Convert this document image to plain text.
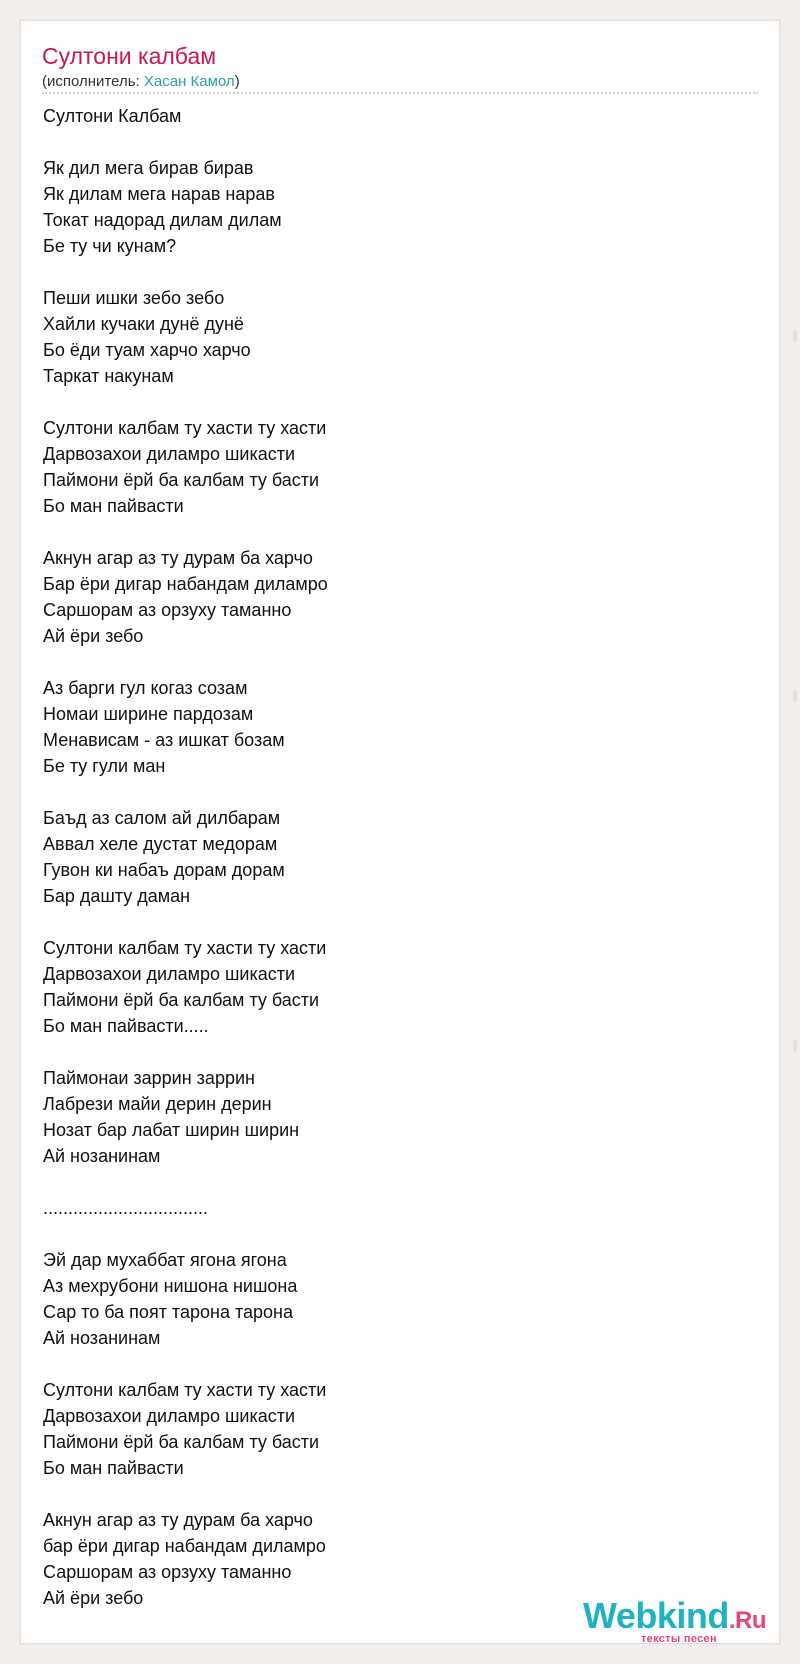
Султони калбам
(исполнитель: Хасан Камол)
Султони Калбам
Як дил мега бирав бирав
Як дилам мега нарав нарав
Токат надорад дилам дилам
Бе ту чи кунам?
Пеши ишки зебо зебо
Хайли кучаки дунё дунё
Бо ёди туам харчо харчо
Таркат накунам
Султони калбам ту хасти ту хасти
Дарвозахои диламро шикасти
Паймони ёрй ба калбам ту басти
Бо ман пайвасти
Акнун агар аз ту дурам ба харчо
Бар ёри дигар набандам диламро
Саршорам аз орзуху таманно
Ай ёри зебо
Аз барги гул когаз созам
Номаи ширине пардозам
Менависам - аз ишкат бозам
Бе ту гули ман
Баъд аз салом ай дилбарам
Аввал хеле дустат медорам
Гувон ки набаъ дорам дорам
Бар дашту даман
Султони калбам ту хасти ту хасти
Дарвозахои диламро шикасти
Паймони ёрй ба калбам ту басти
Бо ман пайвасти.....
Паймонаи заррин заррин
Лабрези майи дерин дерин
Нозат бар лабат ширин ширин
Ай нозанинам
.................................
Эй дар мухаббат ягона ягона
Аз мехрубони нишона нишона
Сар то ба поят тарона тарона
Ай нозанинам
Султони калбам ту хасти ту хасти
Дарвозахои диламро шикасти
Паймони ёрй ба калбам ту басти
Бо ман пайвасти
Акнун агар аз ту дурам ба харчо
бар ёри дигар набандам диламро
Саршорам аз орзуху таманно
Ай ёри зебо	Webkind.Ru
тексты песен
